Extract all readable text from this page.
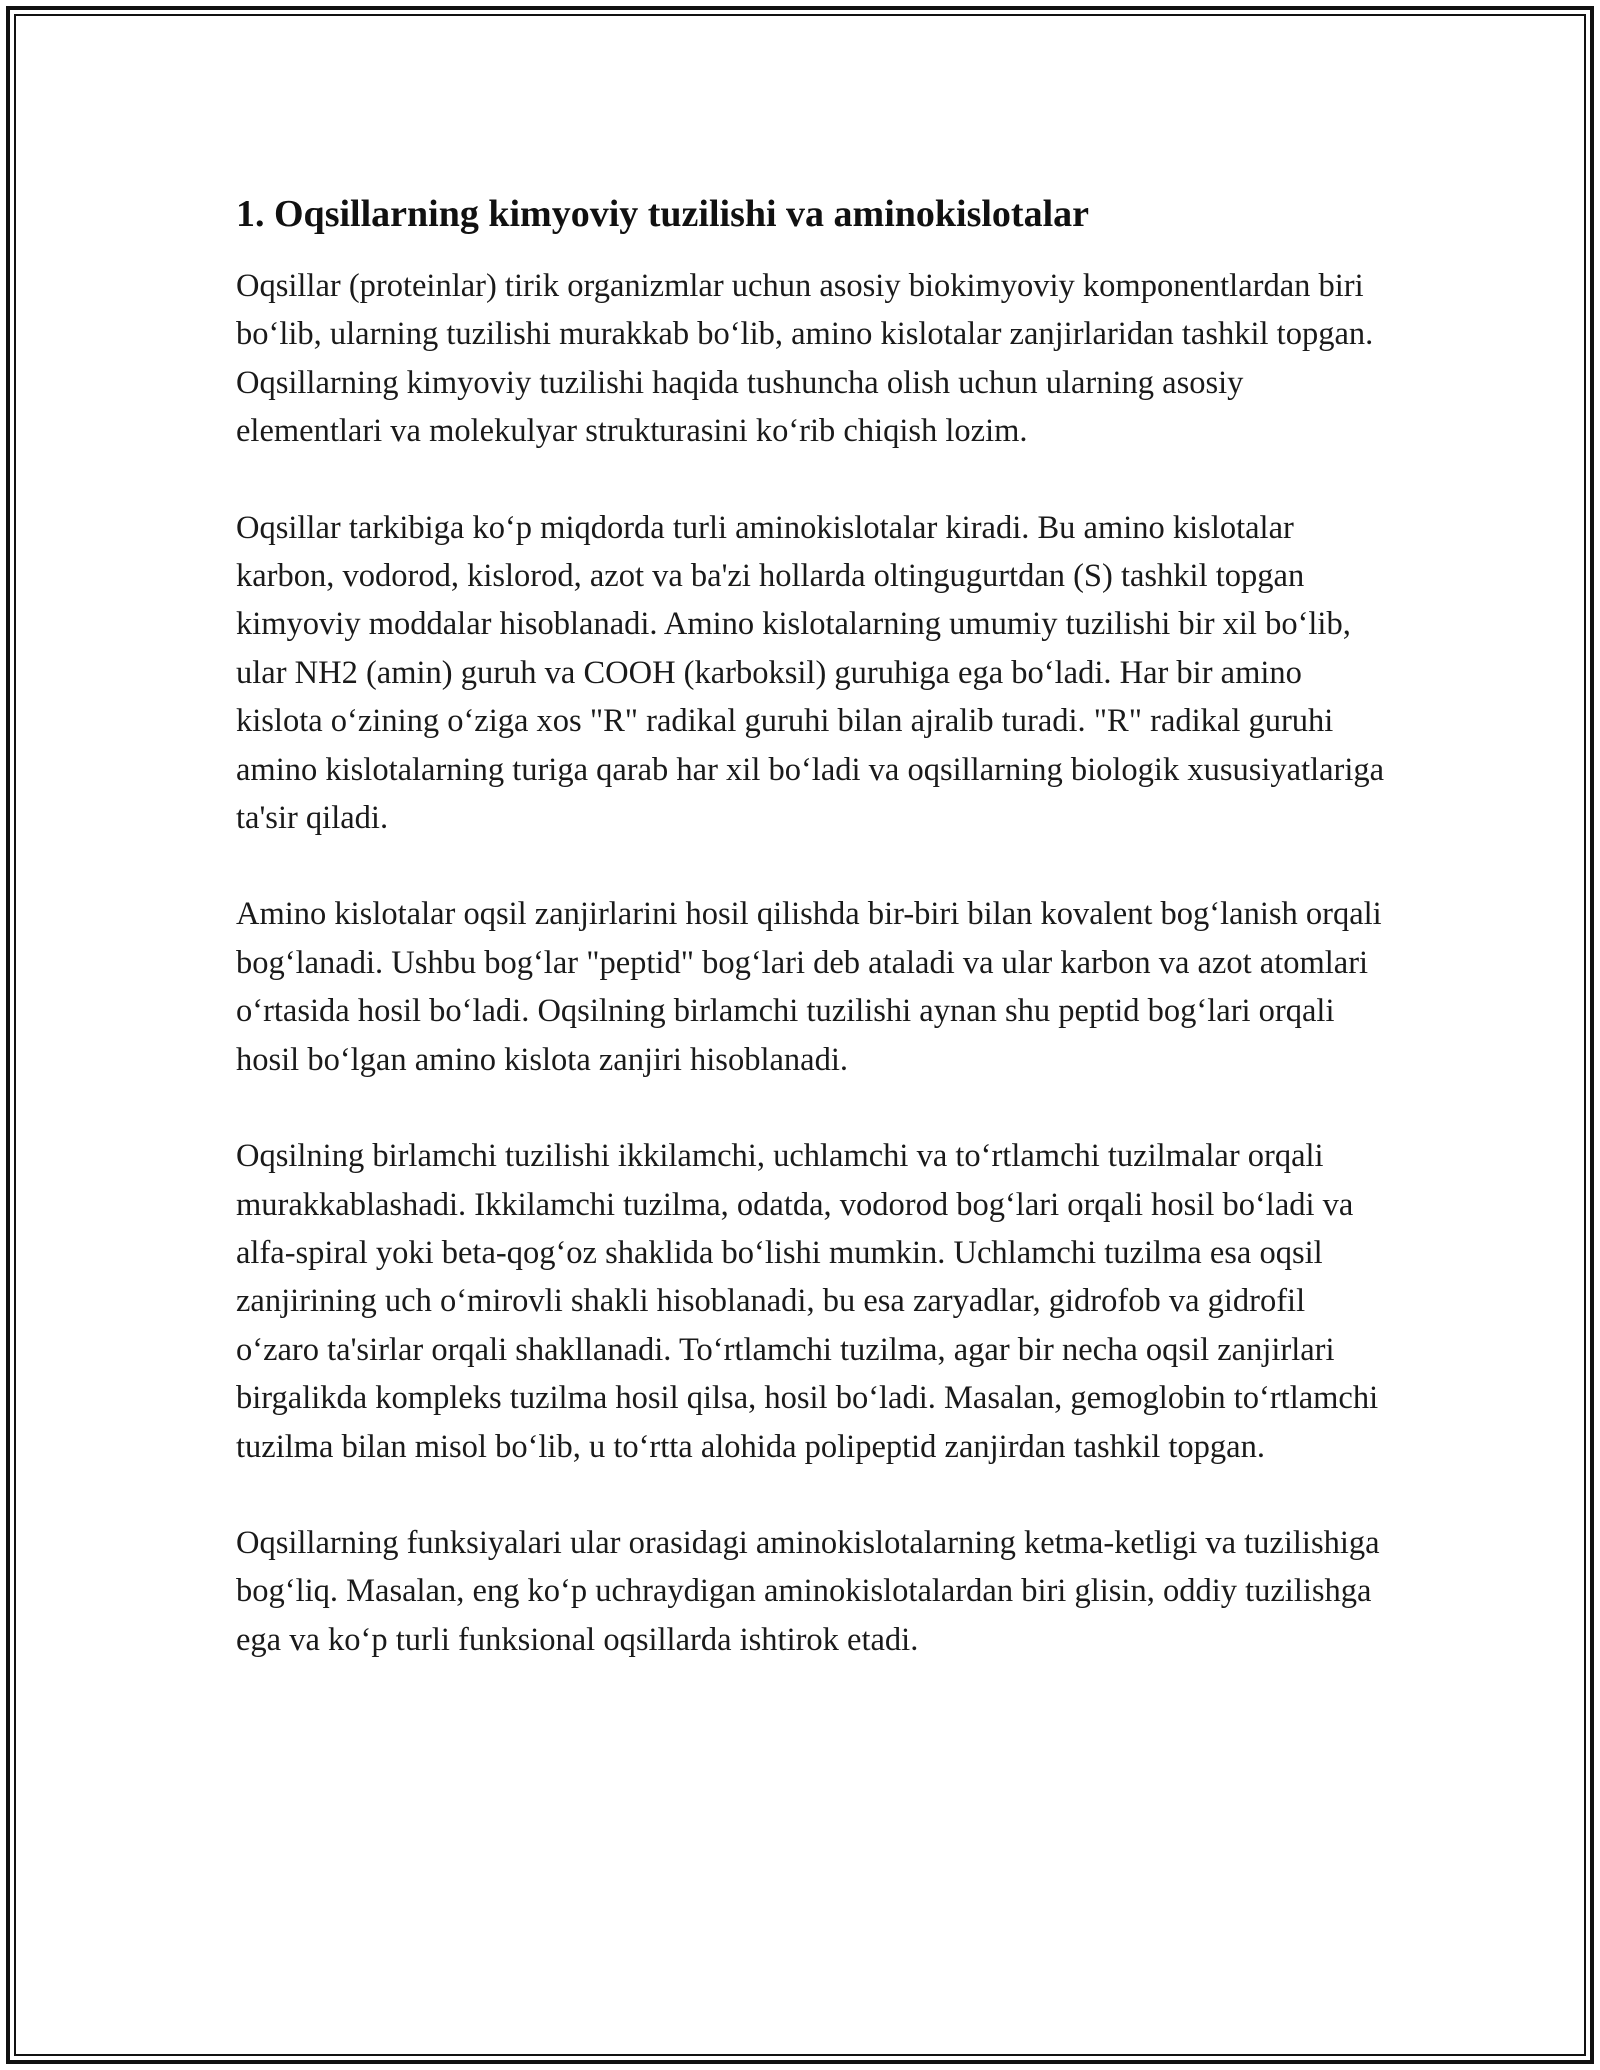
1. Oqsillarning kimyoviy tuzilishi va aminokislotalar

Oqsillar (proteinlar) tirik organizmlar uchun asosiy biokimyoviy komponentlardan biri bo‘lib, ularning tuzilishi murakkab bo‘lib, amino kislotalar zanjirlaridan tashkil topgan. Oqsillarning kimyoviy tuzilishi haqida tushuncha olish uchun ularning asosiy elementlari va molekulyar strukturasini ko‘rib chiqish lozim.

Oqsillar tarkibiga ko‘p miqdorda turli aminokislotalar kiradi. Bu amino kislotalar karbon, vodorod, kislorod, azot va ba'zi hollarda oltingugurtdan (S) tashkil topgan kimyoviy moddalar hisoblanadi. Amino kislotalarning umumiy tuzilishi bir xil bo‘lib, ular NH2 (amin) guruh va COOH (karboksil) guruhiga ega bo‘ladi. Har bir amino kislota o‘zining o‘ziga xos "R" radikal guruhi bilan ajralib turadi. "R" radikal guruhi amino kislotalarning turiga qarab har xil bo‘ladi va oqsillarning biologik xususiyatlariga ta'sir qiladi.

Amino kislotalar oqsil zanjirlarini hosil qilishda bir-biri bilan kovalent bog‘lanish orqali bog‘lanadi. Ushbu bog‘lar "peptid" bog‘lari deb ataladi va ular karbon va azot atomlari o‘rtasida hosil bo‘ladi. Oqsilning birlamchi tuzilishi aynan shu peptid bog‘lari orqali hosil bo‘lgan amino kislota zanjiri hisoblanadi.

Oqsilning birlamchi tuzilishi ikkilamchi, uchlamchi va to‘rtlamchi tuzilmalar orqali murakkablashadi. Ikkilamchi tuzilma, odatda, vodorod bog‘lari orqali hosil bo‘ladi va alfa-spiral yoki beta-qog‘oz shaklida bo‘lishi mumkin. Uchlamchi tuzilma esa oqsil zanjirining uch o‘mirovli shakli hisoblanadi, bu esa zaryadlar, gidrofob va gidrofil o‘zaro ta'sirlar orqali shakllanadi. To‘rtlamchi tuzilma, agar bir necha oqsil zanjirlari birgalikda kompleks tuzilma hosil qilsa, hosil bo‘ladi. Masalan, gemoglobin to‘rtlamchi tuzilma bilan misol bo‘lib, u to‘rtta alohida polipeptid zanjirdan tashkil topgan.

Oqsillarning funksiyalari ular orasidagi aminokislotalarning ketma-ketligi va tuzilishiga bog‘liq. Masalan, eng ko‘p uchraydigan aminokislotalardan biri glisin, oddiy tuzilishga ega va ko‘p turli funksional oqsillarda ishtirok etadi.
